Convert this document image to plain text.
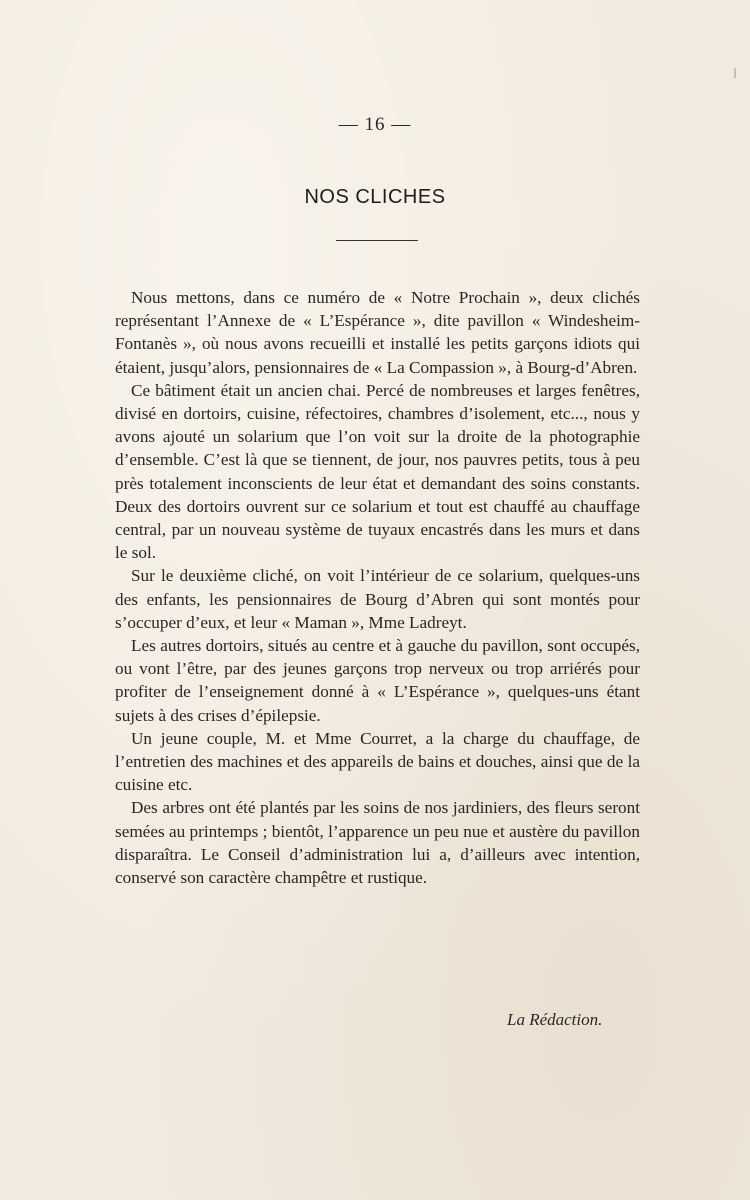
— 16 —
NOS CLICHES

Nous mettons, dans ce numéro de « Notre Prochain », deux clichés représentant l’Annexe de « L’Espérance », dite pavillon « Windesheim-Fontanès », où nous avons recueilli et installé les petits garçons idiots qui étaient, jusqu’alors, pensionnaires de « La Compassion », à Bourg-d’Abren.

Ce bâtiment était un ancien chai. Percé de nombreuses et larges fenêtres, divisé en dortoirs, cuisine, réfectoires, chambres d’isolement, etc..., nous y avons ajouté un solarium que l’on voit sur la droite de la photographie d’ensemble. C’est là que se tiennent, de jour, nos pauvres petits, tous à peu près totalement inconscients de leur état et demandant des soins constants. Deux des dortoirs ouvrent sur ce solarium et tout est chauffé au chauffage central, par un nouveau système de tuyaux encastrés dans les murs et dans le sol.

Sur le deuxième cliché, on voit l’intérieur de ce solarium, quelques-uns des enfants, les pensionnaires de Bourg d’Abren qui sont montés pour s’occuper d’eux, et leur « Maman », Mme Ladreyt.

Les autres dortoirs, situés au centre et à gauche du pavillon, sont occupés, ou vont l’être, par des jeunes garçons trop nerveux ou trop arriérés pour profiter de l’enseignement donné à « L’Espérance », quelques-uns étant sujets à des crises d’épilepsie.

Un jeune couple, M. et Mme Courret, a la charge du chauffage, de l’entretien des machines et des appareils de bains et douches, ainsi que de la cuisine etc.

Des arbres ont été plantés par les soins de nos jardiniers, des fleurs seront semées au printemps ; bientôt, l’apparence un peu nue et austère du pavillon disparaîtra. Le Conseil d’administration lui a, d’ailleurs avec intention, conservé son caractère champêtre et rustique.

La Rédaction.
